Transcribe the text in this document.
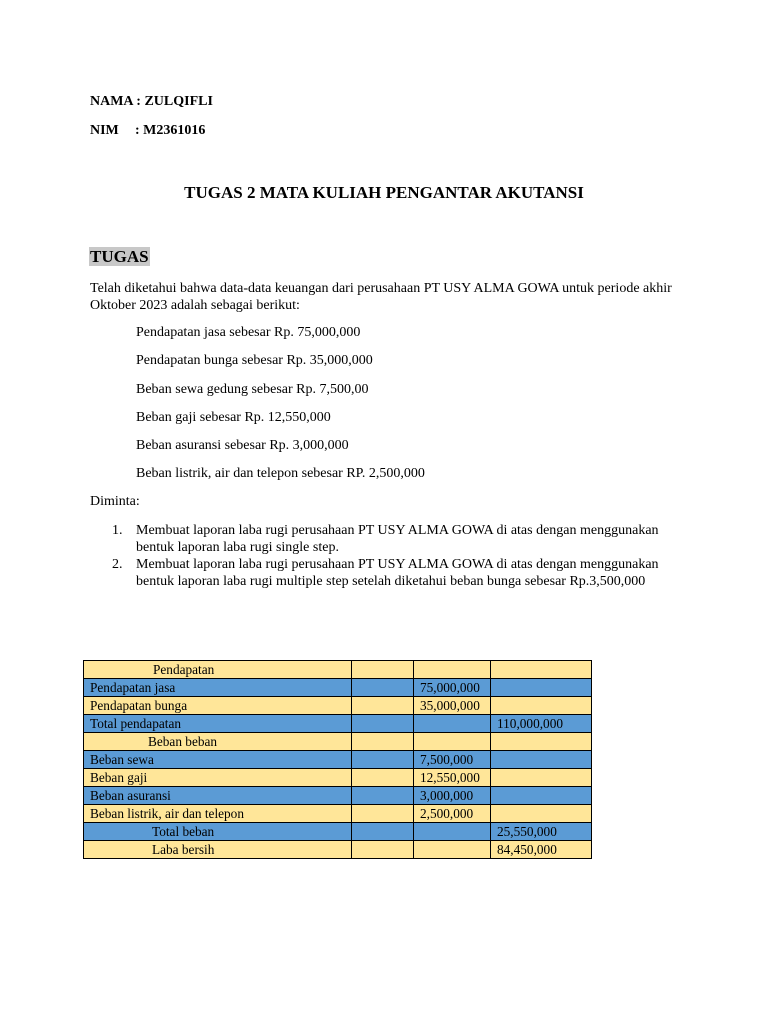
NAMA : ZULQIFLI
NIM : M2361016
TUGAS 2 MATA KULIAH PENGANTAR AKUTANSI
TUGAS
Telah diketahui bahwa data-data keuangan dari perusahaan PT USY ALMA GOWA untuk periode akhir Oktober 2023 adalah sebagai berikut:
Pendapatan jasa sebesar Rp. 75,000,000
Pendapatan bunga sebesar Rp. 35,000,000
Beban sewa gedung sebesar Rp. 7,500,00
Beban gaji sebesar Rp. 12,550,000
Beban asuransi sebesar Rp. 3,000,000
Beban listrik, air dan telepon sebesar RP. 2,500,000
Diminta:
1. Membuat laporan laba rugi perusahaan PT USY ALMA GOWA di atas dengan menggunakan
bentuk laporan laba rugi single step.
2. Membuat laporan laba rugi perusahaan PT USY ALMA GOWA di atas dengan menggunakan
bentuk laporan laba rugi multiple step setelah diketahui beban bunga sebesar Rp.3,500,000
Pendapatan			
Pendapatan jasa		75,000,000	
Pendapatan bunga		35,000,000	
Total pendapatan			110,000,000
Beban beban			
Beban sewa		7,500,000	
Beban gaji		12,550,000	
Beban asuransi		3,000,000	
Beban listrik, air dan telepon		2,500,000	
Total beban			25,550,000
Laba bersih			84,450,000
